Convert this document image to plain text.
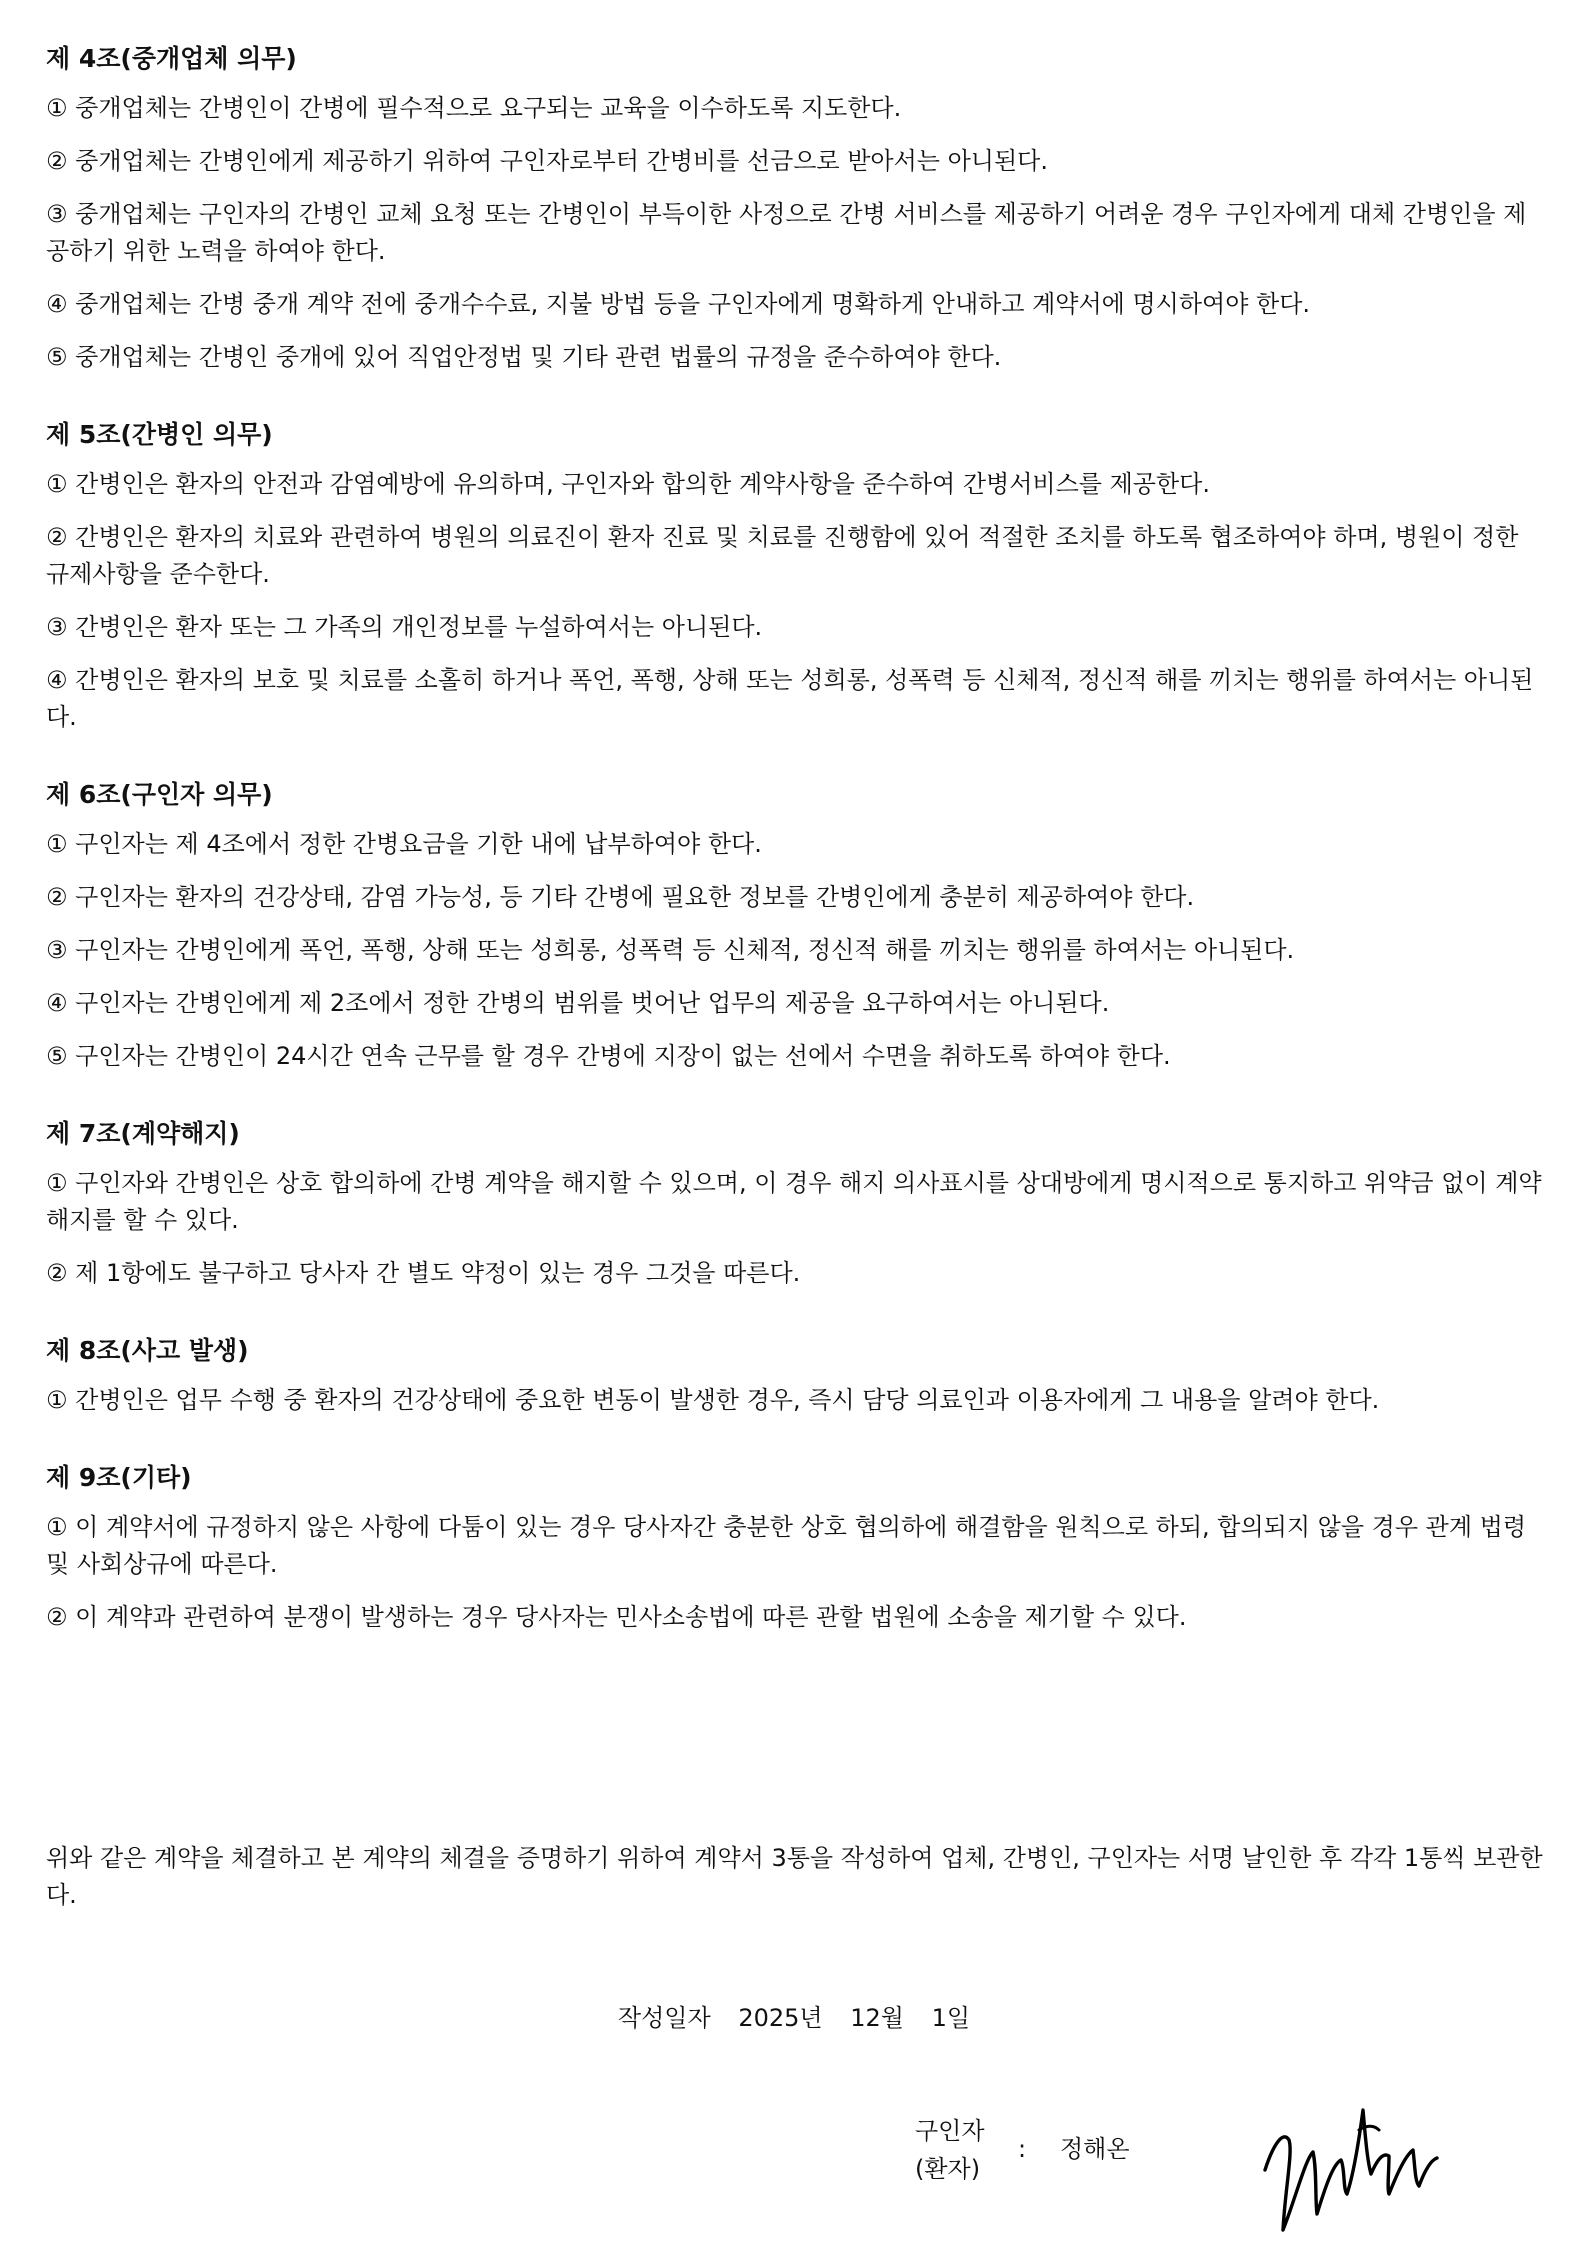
제 4조(중개업체 의무)

① 중개업체는 간병인이 간병에 필수적으로 요구되는 교육을 이수하도록 지도한다.

② 중개업체는 간병인에게 제공하기 위하여 구인자로부터 간병비를 선금으로 받아서는 아니된다.

③ 중개업체는 구인자의 간병인 교체 요청 또는 간병인이 부득이한 사정으로 간병 서비스를 제공하기 어려운 경우 구인자에게 대체 간병인을 제공하기 위한 노력을 하여야 한다.

④ 중개업체는 간병 중개 계약 전에 중개수수료, 지불 방법 등을 구인자에게 명확하게 안내하고 계약서에 명시하여야 한다.

⑤ 중개업체는 간병인 중개에 있어 직업안정법 및 기타 관련 법률의 규정을 준수하여야 한다.

제 5조(간병인 의무)

① 간병인은 환자의 안전과 감염예방에 유의하며, 구인자와 합의한 계약사항을 준수하여 간병서비스를 제공한다.

② 간병인은 환자의 치료와 관련하여 병원의 의료진이 환자 진료 및 치료를 진행함에 있어 적절한 조치를 하도록 협조하여야 하며, 병원이 정한 규제사항을 준수한다.

③ 간병인은 환자 또는 그 가족의 개인정보를 누설하여서는 아니된다.

④ 간병인은 환자의 보호 및 치료를 소홀히 하거나 폭언, 폭행, 상해 또는 성희롱, 성폭력 등 신체적, 정신적 해를 끼치는 행위를 하여서는 아니된다.

제 6조(구인자 의무)

① 구인자는 제 4조에서 정한 간병요금을 기한 내에 납부하여야 한다.

② 구인자는 환자의 건강상태, 감염 가능성, 등 기타 간병에 필요한 정보를 간병인에게 충분히 제공하여야 한다.

③ 구인자는 간병인에게 폭언, 폭행, 상해 또는 성희롱, 성폭력 등 신체적, 정신적 해를 끼치는 행위를 하여서는 아니된다.

④ 구인자는 간병인에게 제 2조에서 정한 간병의 범위를 벗어난 업무의 제공을 요구하여서는 아니된다.

⑤ 구인자는 간병인이 24시간 연속 근무를 할 경우 간병에 지장이 없는 선에서 수면을 취하도록 하여야 한다.

제 7조(계약해지)

① 구인자와 간병인은 상호 합의하에 간병 계약을 해지할 수 있으며, 이 경우 해지 의사표시를 상대방에게 명시적으로 통지하고 위약금 없이 계약해지를 할 수 있다.

② 제 1항에도 불구하고 당사자 간 별도 약정이 있는 경우 그것을 따른다.

제 8조(사고 발생)

① 간병인은 업무 수행 중 환자의 건강상태에 중요한 변동이 발생한 경우, 즉시 담당 의료인과 이용자에게 그 내용을 알려야 한다.

제 9조(기타)

① 이 계약서에 규정하지 않은 사항에 다툼이 있는 경우 당사자간 충분한 상호 협의하에 해결함을 원칙으로 하되, 합의되지 않을 경우 관계 법령 및 사회상규에 따른다.

② 이 계약과 관련하여 분쟁이 발생하는 경우 당사자는 민사소송법에 따른 관할 법원에 소송을 제기할 수 있다.

위와 같은 계약을 체결하고 본 계약의 체결을 증명하기 위하여 계약서 3통을 작성하여 업체, 간병인, 구인자는 서명 날인한 후 각각 1통씩 보관한다.

작성일자 2025년 12월 1일
구인자
(환자)
: 정해온
